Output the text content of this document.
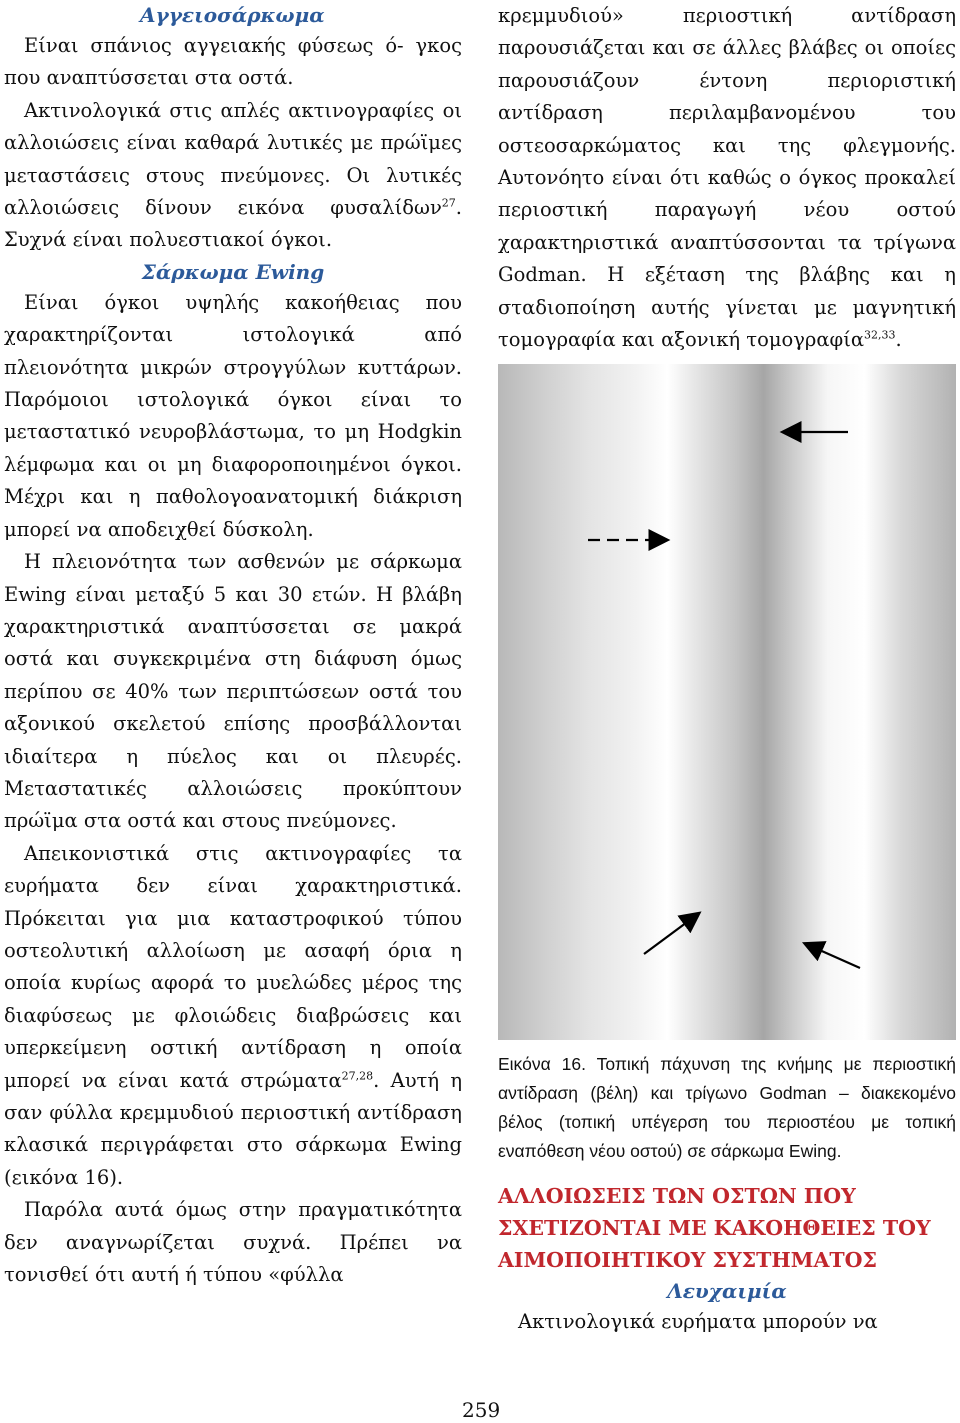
Αγγειοσάρκωμα

Είναι σπάνιος αγγειακής φύσεως ό- γκος που αναπτύσσεται στα οστά.

Ακτινολογικά στις απλές ακτινογραφίες οι αλλοιώσεις είναι καθαρά λυτικές με πρώϊμες μεταστάσεις στους πνεύμονες. Οι λυτικές αλλοιώσεις δίνουν εικόνα φυσαλίδων$^{27}$. Συχνά είναι πολυεστιακοί όγκοι.

Σάρκωμα Ewing

Είναι όγκοι υψηλής κακοήθειας που χαρακτηρίζονται ιστολογικά από πλειονότητα μικρών στρογγύλων κυττάρων. Παρόμοιοι ιστολογικά όγκοι είναι το μεταστατικό νευροβλάστωμα, το μη Hodgkin λέμφωμα και οι μη διαφοροποιημένοι όγκοι. Μέχρι και η παθολογοανατομική διάκριση μπορεί να αποδειχθεί δύσκολη.

Η πλειονότητα των ασθενών με σάρκωμα Ewing είναι μεταξύ 5 και 30 ετών. Η βλάβη χαρακτηριστικά αναπτύσσεται σε μακρά οστά και συγκεκριμένα στη διάφυση όμως περίπου σε 40% των περιπτώσεων οστά του αξονικού σκελετού επίσης προσβάλλονται ιδιαίτερα η πύελος και οι πλευρές. Μεταστατικές αλλοιώσεις προκύπτουν πρώϊμα στα οστά και στους πνεύμονες.

Απεικονιστικά στις ακτινογραφίες τα ευρήματα δεν είναι χαρακτηριστικά. Πρόκειται για μια καταστροφικού τύπου οστεολυτική αλλοίωση με ασαφή όρια η οποία κυρίως αφορά το μυελώδες μέρος της διαφύσεως με φλοιώδεις διαβρώσεις και υπερκείμενη οστική αντίδραση η οποία μπορεί να είναι κατά στρώματα$^{27,28}$. Αυτή η σαν φύλλα κρεμμυδιού περιοστική αντίδραση κλασικά περιγράφεται στο σάρκωμα Ewing (εικόνα 16).

Παρόλα αυτά όμως στην πραγματικότητα δεν αναγνωρίζεται συχνά. Πρέπει να τονισθεί ότι αυτή ή τύπου «φύλλα

κρεμμυδιού» περιοστική αντίδραση παρουσιάζεται και σε άλλες βλάβες οι οποίες παρουσιάζουν έντονη περιοριστική αντίδραση περιλαμβανομένου του οστεοσαρκώματος και της φλεγμονής. Αυτονόητο είναι ότι καθώς ο όγκος προκαλεί περιοστική παραγωγή νέου οστού χαρακτηριστικά αναπτύσσονται τα τρίγωνα Godman. Η εξέταση της βλάβης και η σταδιοποίηση αυτής γίνεται με μαγνητική τομογραφία και αξονική τομογραφία$^{32,33}$.

Εικόνα 16. Τοπική πάχυνση της κνήμης με περιοστική αντίδραση (βέλη) και τρίγωνο Godman – διακεκομένο βέλος (τοπική υπέγερση του περιοστέου με τοπική εναπόθεση νέου οστού) σε σάρκωμα Ewing.
ΑΛΛΟΙΩΣΕΙΣ ΤΩΝ ΟΣΤΩΝ ΠΟΥ ΣΧΕΤΙΖΟΝΤΑΙ ΜΕ ΚΑΚΟΗΘΕΙΕΣ ΤΟΥ ΑΙΜΟΠΟΙΗΤΙΚΟΥ ΣΥΣΤΗΜΑΤΟΣ
Λευχαιμία

Ακτινολογικά ευρήματα μπορούν να

259
